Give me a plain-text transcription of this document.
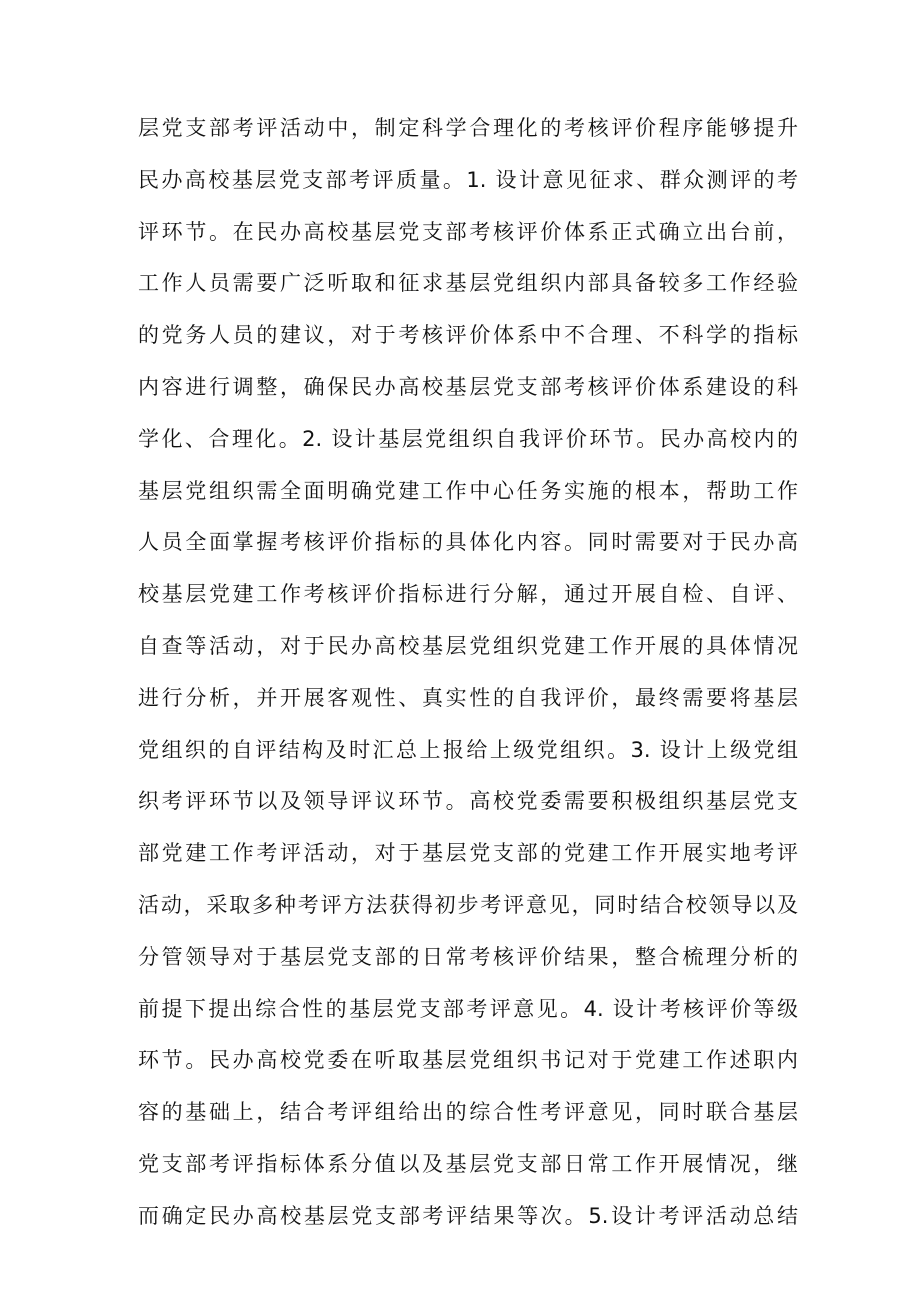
层党支部考评活动中，制定科学合理化的考核评价程序能够提升
民办高校基层党支部考评质量。1. 设计意见征求、群众测评的考
评环节。在民办高校基层党支部考核评价体系正式确立出台前，
工作人员需要广泛听取和征求基层党组织内部具备较多工作经验
的党务人员的建议，对于考核评价体系中不合理、不科学的指标
内容进行调整，确保民办高校基层党支部考核评价体系建设的科
学化、合理化。2. 设计基层党组织自我评价环节。民办高校内的
基层党组织需全面明确党建工作中心任务实施的根本，帮助工作
人员全面掌握考核评价指标的具体化内容。同时需要对于民办高
校基层党建工作考核评价指标进行分解，通过开展自检、自评、
自查等活动，对于民办高校基层党组织党建工作开展的具体情况
进行分析，并开展客观性、真实性的自我评价，最终需要将基层
党组织的自评结构及时汇总上报给上级党组织。3. 设计上级党组
织考评环节以及领导评议环节。高校党委需要积极组织基层党支
部党建工作考评活动，对于基层党支部的党建工作开展实地考评
活动，采取多种考评方法获得初步考评意见，同时结合校领导以及
分管领导对于基层党支部的日常考核评价结果，整合梳理分析的
前提下提出综合性的基层党支部考评意见。4. 设计考核评价等级
环节。民办高校党委在听取基层党组织书记对于党建工作述职内
容的基础上，结合考评组给出的综合性考评意见，同时联合基层
党支部考评指标体系分值以及基层党支部日常工作开展情况，继
而确定民办高校基层党支部考评结果等次。5.设计考评活动总结
